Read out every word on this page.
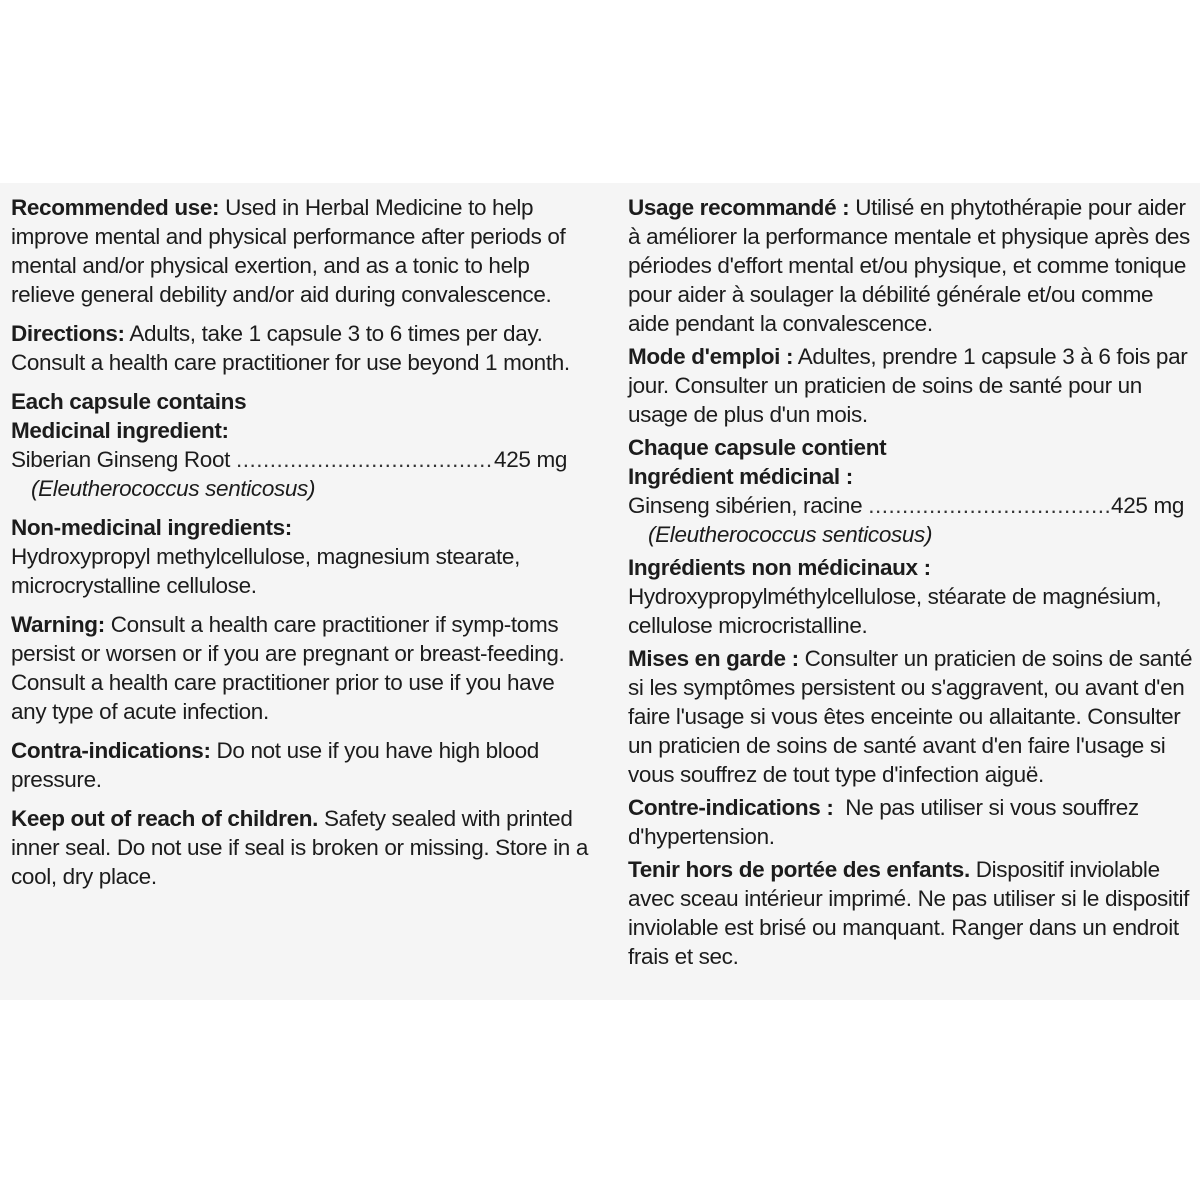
Recommended use: Used in Herbal Medicine to help improve mental and physical performance after periods of mental and/or physical exertion, and as a tonic to help relieve general debility and/or aid during convalescence.

Directions: Adults, take 1 capsule 3 to 6 times per day. Consult a health care practitioner for use beyond 1 month.

Each capsule contains
Medicinal ingredient:
Siberian Ginseng Root .....	425 mg
(Eleutherococcus senticosus)
Non-medicinal ingredients:
Hydroxypropyl methylcellulose, magnesium stearate, microcrystalline cellulose.

Warning: Consult a health care practitioner if symp-toms persist or worsen or if you are pregnant or breast-feeding. Consult a health care practitioner prior to use if you have any type of acute infection.

Contra-indications: Do not use if you have high blood pressure.

Keep out of reach of children. Safety sealed with printed inner seal. Do not use if seal is broken or missing. Store in a cool, dry place.

Usage recommandé : Utilisé en phytothérapie pour aider à améliorer la performance mentale et physique après des périodes d'effort mental et/ou physique, et comme tonique pour aider à soulager la débilité générale et/ou comme aide pendant la convalescence.

Mode d'emploi : Adultes, prendre 1 capsule 3 à 6 fois par jour. Consulter un praticien de soins de santé pour un usage de plus d'un mois.

Chaque capsule contient
Ingrédient médicinal :
Ginseng sibérien, racine .....	425 mg
(Eleutherococcus senticosus)
Ingrédients non médicinaux :
Hydroxypropylméthylcellulose, stéarate de magnésium, cellulose microcristalline.

Mises en garde : Consulter un praticien de soins de santé si les symptômes persistent ou s'aggravent, ou avant d'en faire l'usage si vous êtes enceinte ou allaitante. Consulter un praticien de soins de santé avant d'en faire l'usage si vous souffrez de tout type d'infection aiguë.

Contre-indications :  Ne pas utiliser si vous souffrez d'hypertension.

Tenir hors de portée des enfants. Dispositif inviolable avec sceau intérieur imprimé. Ne pas utiliser si le dispositif inviolable est brisé ou manquant. Ranger dans un endroit frais et sec.
